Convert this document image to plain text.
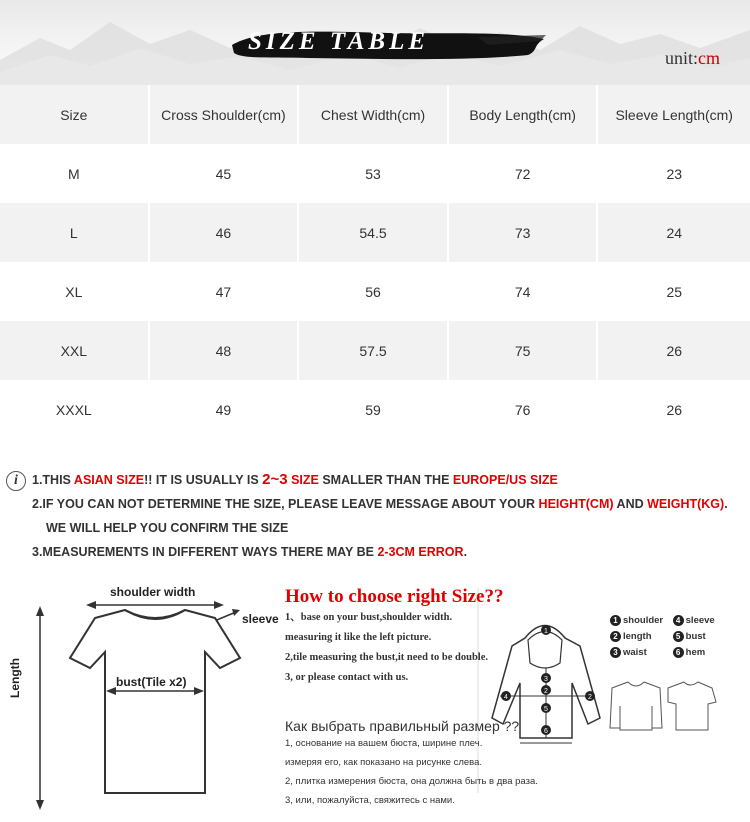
SIZE TABLE
unit:cm
Size	Cross Shoulder(cm)	Chest Width(cm)	Body Length(cm)	Sleeve Length(cm)
M	45	53	72	23
L	46	54.5	73	24
XL	47	56	74	25
XXL	48	57.5	75	26
XXXL	49	59	76	26
i 1.THIS ASIAN SIZE!! IT IS USUALLY IS 2~3 SIZE SMALLER THAN THE EUROPE/US SIZE
2.IF YOU CAN NOT DETERMINE THE SIZE, PLEASE LEAVE MESSAGE ABOUT YOUR HEIGHT(CM) AND WEIGHT(KG).
WE WILL HELP YOU CONFIRM THE SIZE
3.MEASUREMENTS IN DIFFERENT WAYS THERE MAY BE 2-3CM ERROR.
1
3
2
5
6
4	2
shoulder width
sleeve
bust(Tile x2)
Length
How to choose right Size??
1、base on your bust,shoulder width.
measuring it like the left picture.
2,tile measuring the bust,it need to be double.
3, or please contact with us.
Как выбрать правильный размер ??
1, основание на вашем бюста, ширине плеч.
измеряя его, как показано на рисунке слева.
2, плитка измерения бюста, она должна быть в два раза.
3, или, пожалуйста, свяжитесь с нами.
1 shoulder 4 sleeve
2 length	5 bust
3 waist	6 hem
